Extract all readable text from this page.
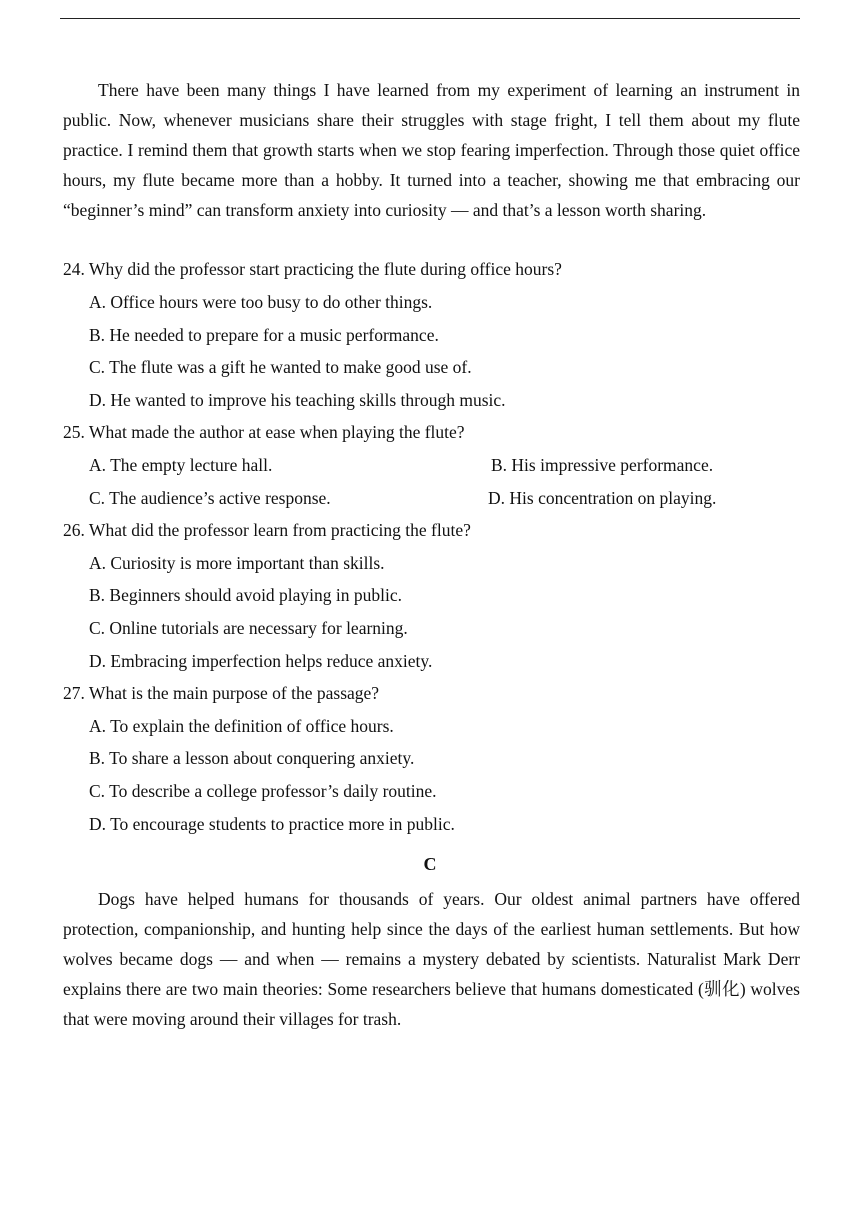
There have been many things I have learned from my experiment of learning an instrument in public. Now, whenever musicians share their struggles with stage fright, I tell them about my flute practice. I remind them that growth starts when we stop fearing imperfection. Through those quiet office hours, my flute became more than a hobby. It turned into a teacher, showing me that embracing our “beginner’s mind” can transform anxiety into curiosity — and that’s a lesson worth sharing.

24. Why did the professor start practicing the flute during office hours?
A. Office hours were too busy to do other things.
B. He needed to prepare for a music performance.
C. The flute was a gift he wanted to make good use of.
D. He wanted to improve his teaching skills through music.
25. What made the author at ease when playing the flute?
A. The empty lecture hall.	B. His impressive performance.
C. The audience’s active response.	D. His concentration on playing.
26. What did the professor learn from practicing the flute?
A. Curiosity is more important than skills.
B. Beginners should avoid playing in public.
C. Online tutorials are necessary for learning.
D. Embracing imperfection helps reduce anxiety.
27. What is the main purpose of the passage?
A. To explain the definition of office hours.
B. To share a lesson about conquering anxiety.
C. To describe a college professor’s daily routine.
D. To encourage students to practice more in public.
C

Dogs have helped humans for thousands of years. Our oldest animal partners have offered protection, companionship, and hunting help since the days of the earliest human settlements. But how wolves became dogs — and when — remains a mystery debated by scientists. Naturalist Mark Derr explains there are two main theories: Some researchers believe that humans domesticated (驯化) wolves that were moving around their villages for trash.
